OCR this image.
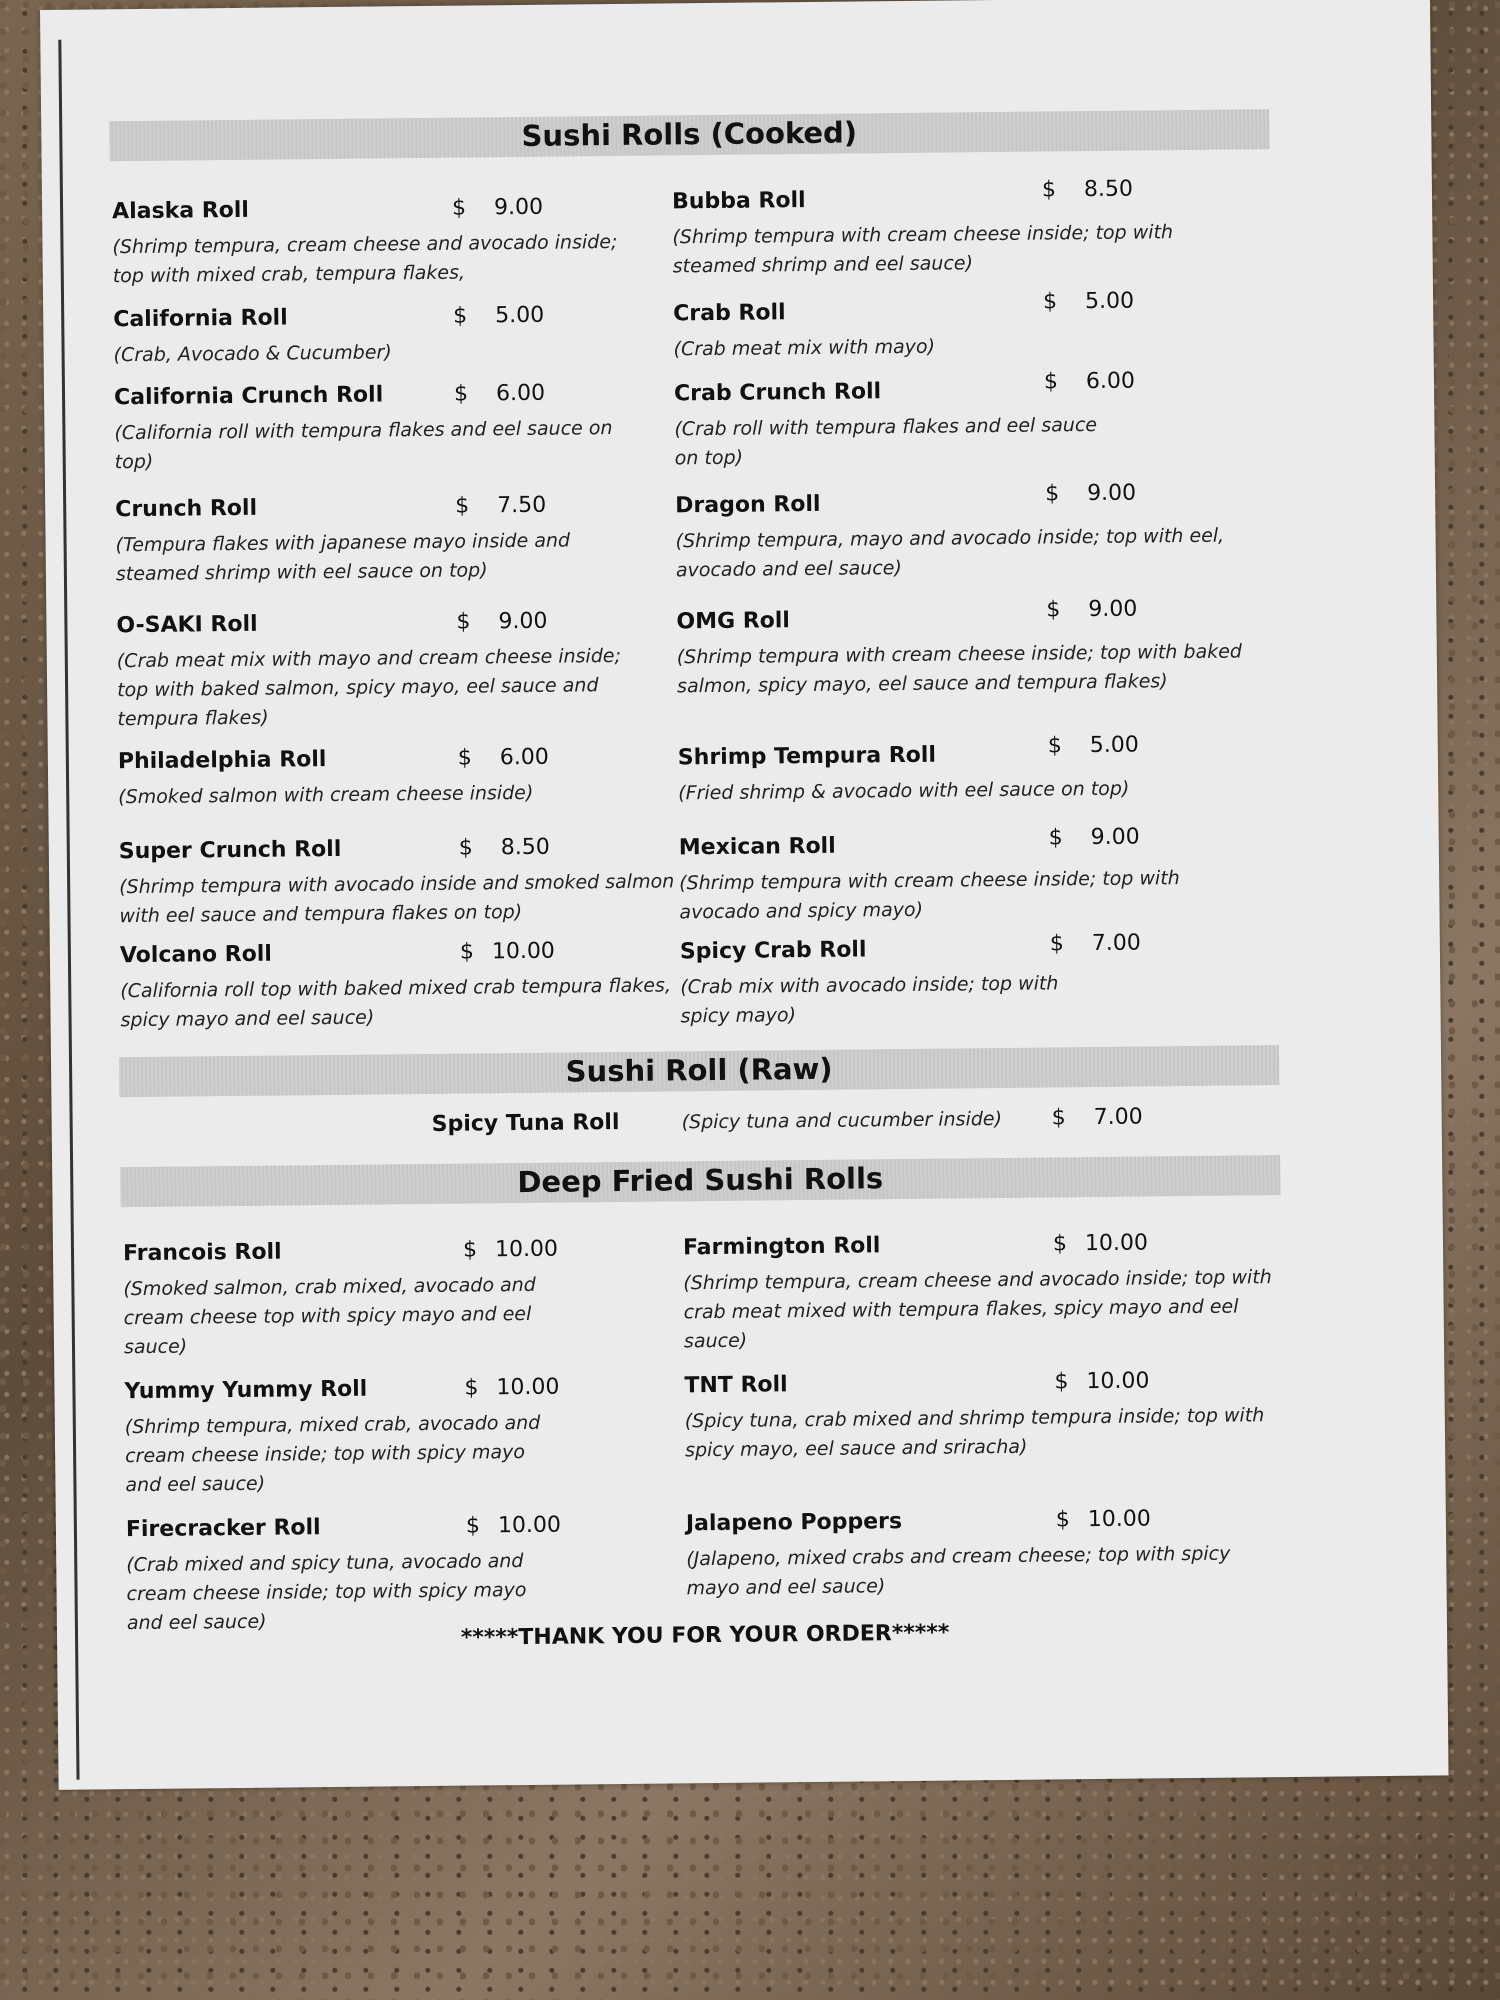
Sushi Rolls (Cooked)
Alaska Roll	$ 9.00
(Shrimp tempura, cream cheese and avocado inside; top with mixed crab, tempura flakes,
California Roll	$ 5.00
(Crab, Avocado & Cucumber)
California Crunch Roll	$ 6.00
(California roll with tempura flakes and eel sauce on top)
Crunch Roll	$ 7.50
(Tempura flakes with japanese mayo inside and steamed shrimp with eel sauce on top)
O-SAKI Roll	$ 9.00
(Crab meat mix with mayo and cream cheese inside; top with baked salmon, spicy mayo, eel sauce and tempura flakes)
Philadelphia Roll	$ 6.00
(Smoked salmon with cream cheese inside)
Super Crunch Roll	$ 8.50
(Shrimp tempura with avocado inside and smoked salmon with eel sauce and tempura flakes on top)
Volcano Roll	$ 10.00
(California roll top with baked mixed crab tempura flakes, spicy mayo and eel sauce)
Bubba Roll	$ 8.50
(Shrimp tempura with cream cheese inside; top with steamed shrimp and eel sauce)
Crab Roll	$ 5.00
(Crab meat mix with mayo)
Crab Crunch Roll	$ 6.00
(Crab roll with tempura flakes and eel sauce on top)
Dragon Roll	$ 9.00
(Shrimp tempura, mayo and avocado inside; top with eel, avocado and eel sauce)
OMG Roll	$ 9.00
(Shrimp tempura with cream cheese inside; top with baked salmon, spicy mayo, eel sauce and tempura flakes)
Shrimp Tempura Roll	$ 5.00
(Fried shrimp & avocado with eel sauce on top)
Mexican Roll	$ 9.00
(Shrimp tempura with cream cheese inside; top with avocado and spicy mayo)
Spicy Crab Roll	$ 7.00
(Crab mix with avocado inside; top with spicy mayo)
Sushi Roll (Raw)
Spicy Tuna Roll	(Spicy tuna and cucumber inside) $ 7.00
Deep Fried Sushi Rolls
Francois Roll	$ 10.00
(Smoked salmon, crab mixed, avocado and cream cheese top with spicy mayo and eel sauce)
Yummy Yummy Roll	$ 10.00
(Shrimp tempura, mixed crab, avocado and cream cheese inside; top with spicy mayo and eel sauce)
Firecracker Roll	$ 10.00
(Crab mixed and spicy tuna, avocado and cream cheese inside; top with spicy mayo and eel sauce)
Farmington Roll	$ 10.00
(Shrimp tempura, cream cheese and avocado inside; top with crab meat mixed with tempura flakes, spicy mayo and eel sauce)
TNT Roll	$ 10.00
(Spicy tuna, crab mixed and shrimp tempura inside; top with spicy mayo, eel sauce and sriracha)
Jalapeno Poppers	$ 10.00
(Jalapeno, mixed crabs and cream cheese; top with spicy mayo and eel sauce)
*****THANK YOU FOR YOUR ORDER*****
